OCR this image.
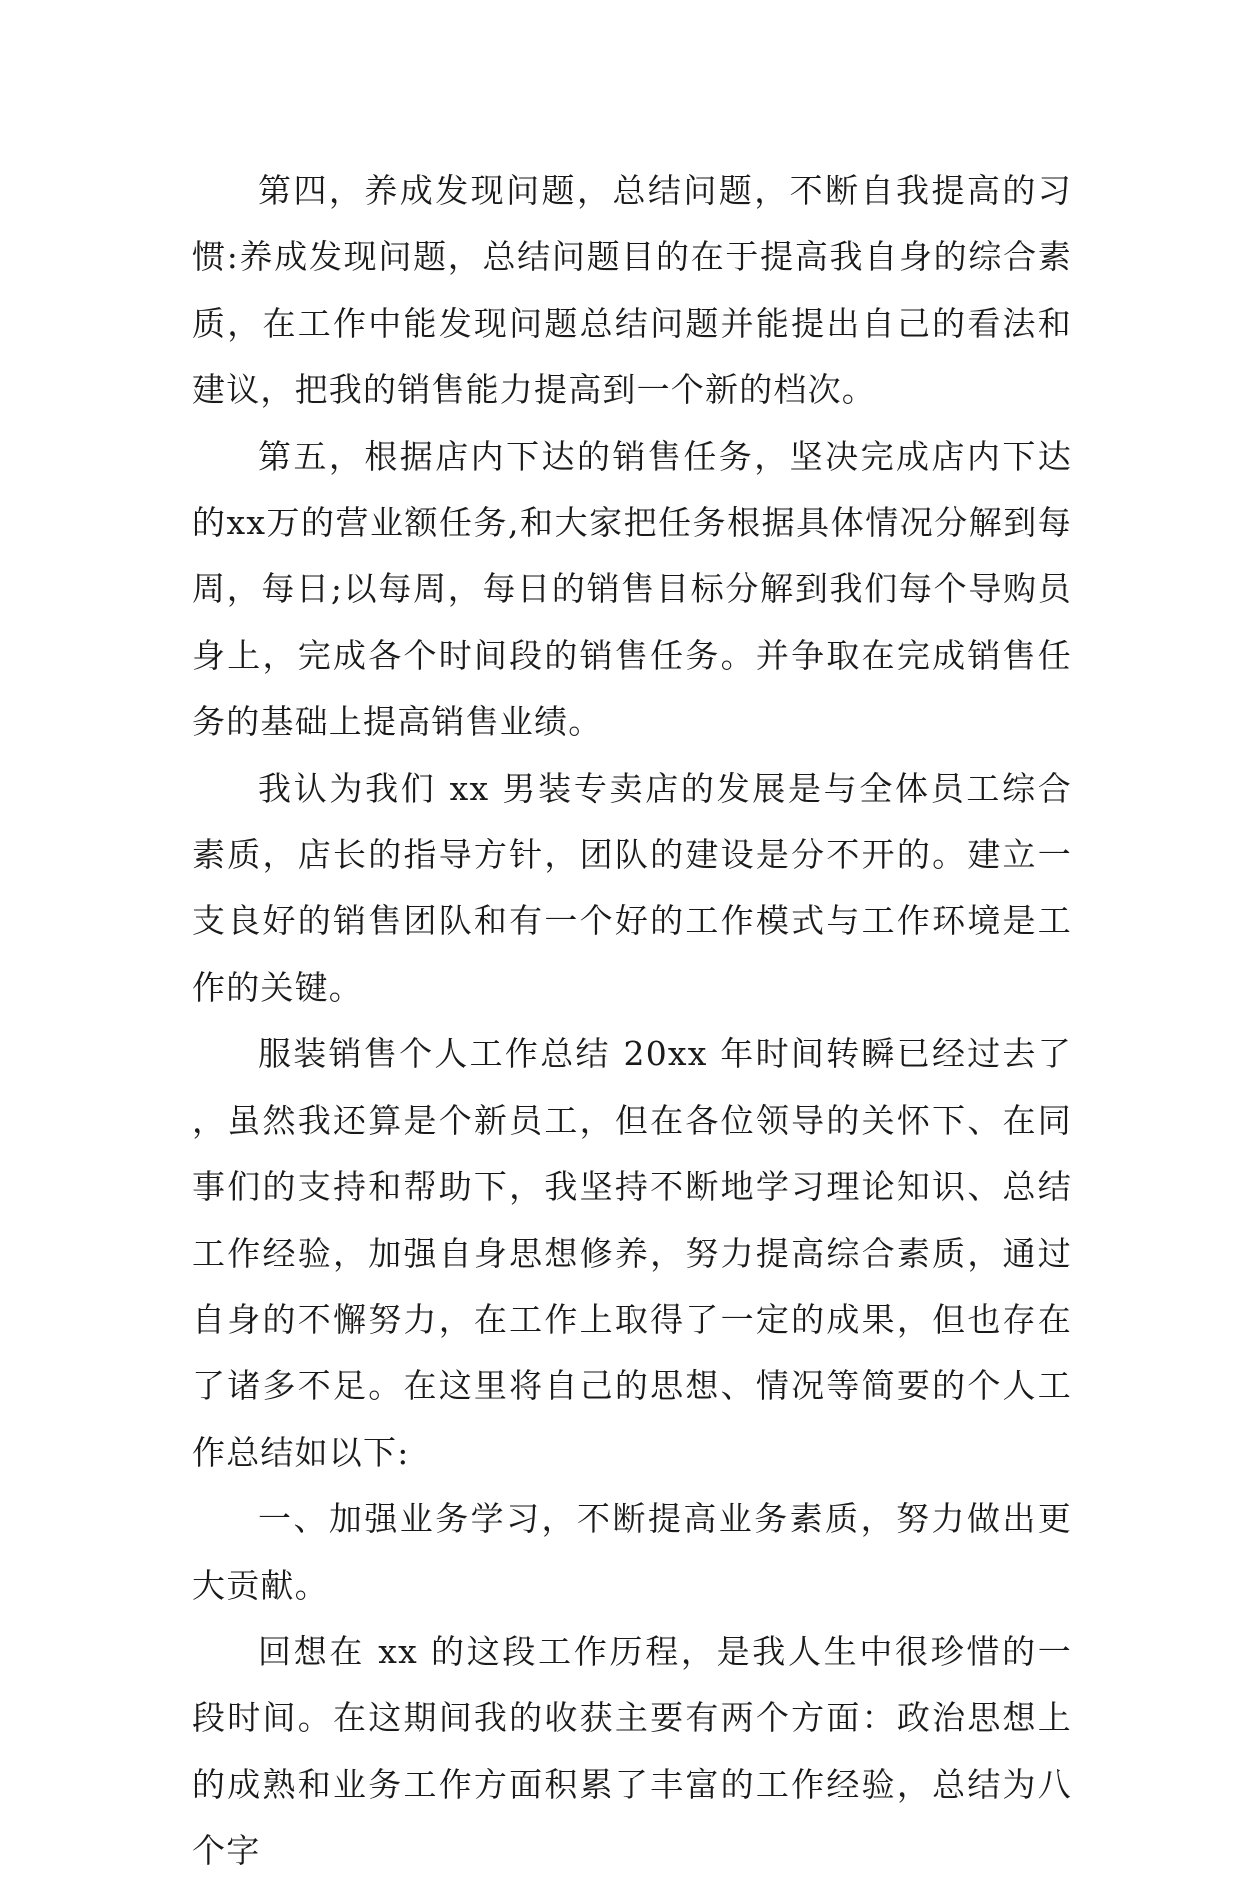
第四，养成发现问题，总结问题，不断自我提高的习惯:养成发现问题，总结问题目的在于提高我自身的综合素质，在工作中能发现问题总结问题并能提出自己的看法和建议，把我的销售能力提高到一个新的档次。

第五，根据店内下达的销售任务，坚决完成店内下达的xx万的营业额任务,和大家把任务根据具体情况分解到每周，每日;以每周，每日的销售目标分解到我们每个导购员身上，完成各个时间段的销售任务。并争取在完成销售任务的基础上提高销售业绩。

我认为我们 xx 男装专卖店的发展是与全体员工综合素质，店长的指导方针，团队的建设是分不开的。建立一支良好的销售团队和有一个好的工作模式与工作环境是工作的关键。

服装销售个人工作总结 20xx 年时间转瞬已经过去了，虽然我还算是个新员工，但在各位领导的关怀下、在同事们的支持和帮助下，我坚持不断地学习理论知识、总结工作经验，加强自身思想修养，努力提高综合素质，通过自身的不懈努力，在工作上取得了一定的成果，但也存在了诸多不足。在这里将自己的思想、情况等简要的个人工作总结如以下:

一、加强业务学习，不断提高业务素质，努力做出更大贡献。

回想在 xx 的这段工作历程，是我人生中很珍惜的一段时间。在这期间我的收获主要有两个方面：政治思想上的成熟和业务工作方面积累了丰富的工作经验，总结为八个字
